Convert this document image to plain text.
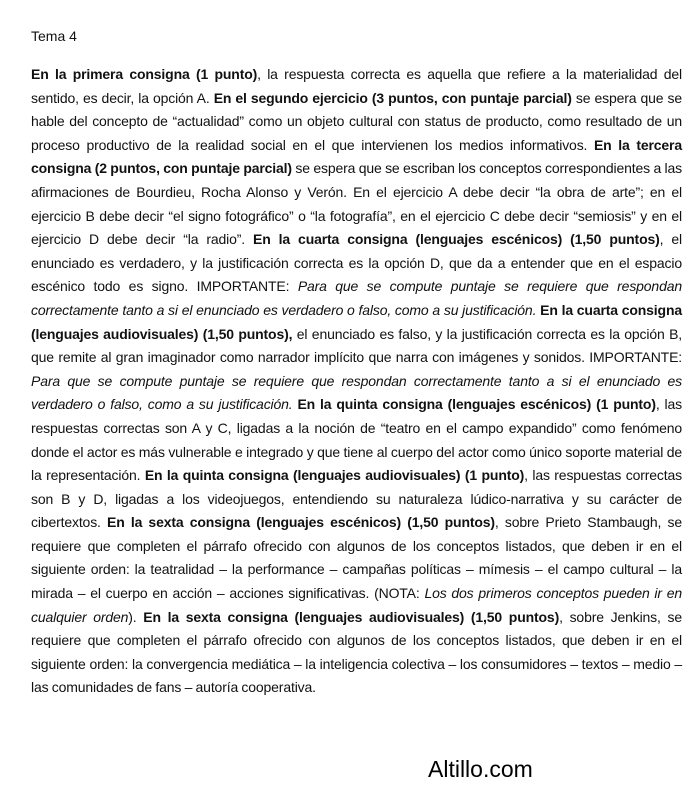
Tema 4
En la primera consigna (1 punto), la respuesta correcta es aquella que refiere a la materialidad del sentido, es decir, la opción A. En el segundo ejercicio (3 puntos, con puntaje parcial) se espera que se hable del concepto de “actualidad” como un objeto cultural con status de producto, como resultado de un proceso productivo de la realidad social en el que intervienen los medios informativos. En la tercera consigna (2 puntos, con puntaje parcial) se espera que se escriban los conceptos correspondientes a las afirmaciones de Bourdieu, Rocha Alonso y Verón. En el ejercicio A debe decir “la obra de arte”; en el ejercicio B debe decir “el signo fotográfico” o “la fotografía”, en el ejercicio C debe decir “semiosis” y en el ejercicio D debe decir “la radio”. En la cuarta consigna (lenguajes escénicos) (1,50 puntos), el enunciado es verdadero, y la justificación correcta es la opción D, que da a entender que en el espacio escénico todo es signo. IMPORTANTE: Para que se compute puntaje se requiere que respondan correctamente tanto a si el enunciado es verdadero o falso, como a su justificación. En la cuarta consigna (lenguajes audiovisuales) (1,50 puntos), el enunciado es falso, y la justificación correcta es la opción B, que remite al gran imaginador como narrador implícito que narra con imágenes y sonidos. IMPORTANTE: Para que se compute puntaje se requiere que respondan correctamente tanto a si el enunciado es verdadero o falso, como a su justificación. En la quinta consigna (lenguajes escénicos) (1 punto), las respuestas correctas son A y C, ligadas a la noción de “teatro en el campo expandido” como fenómeno donde el actor es más vulnerable e integrado y que tiene al cuerpo del actor como único soporte material de la representación. En la quinta consigna (lenguajes audiovisuales) (1 punto), las respuestas correctas son B y D, ligadas a los videojuegos, entendiendo su naturaleza lúdico-narrativa y su carácter de cibertextos. En la sexta consigna (lenguajes escénicos) (1,50 puntos), sobre Prieto Stambaugh, se requiere que completen el párrafo ofrecido con algunos de los conceptos listados, que deben ir en el siguiente orden: la teatralidad – la performance – campañas políticas – mímesis – el campo cultural – la mirada – el cuerpo en acción – acciones significativas. (NOTA: Los dos primeros conceptos pueden ir en cualquier orden). En la sexta consigna (lenguajes audiovisuales) (1,50 puntos), sobre Jenkins, se requiere que completen el párrafo ofrecido con algunos de los conceptos listados, que deben ir en el siguiente orden: la convergencia mediática – la inteligencia colectiva – los consumidores – textos – medio – las comunidades de fans – autoría cooperativa.
Altillo.com
